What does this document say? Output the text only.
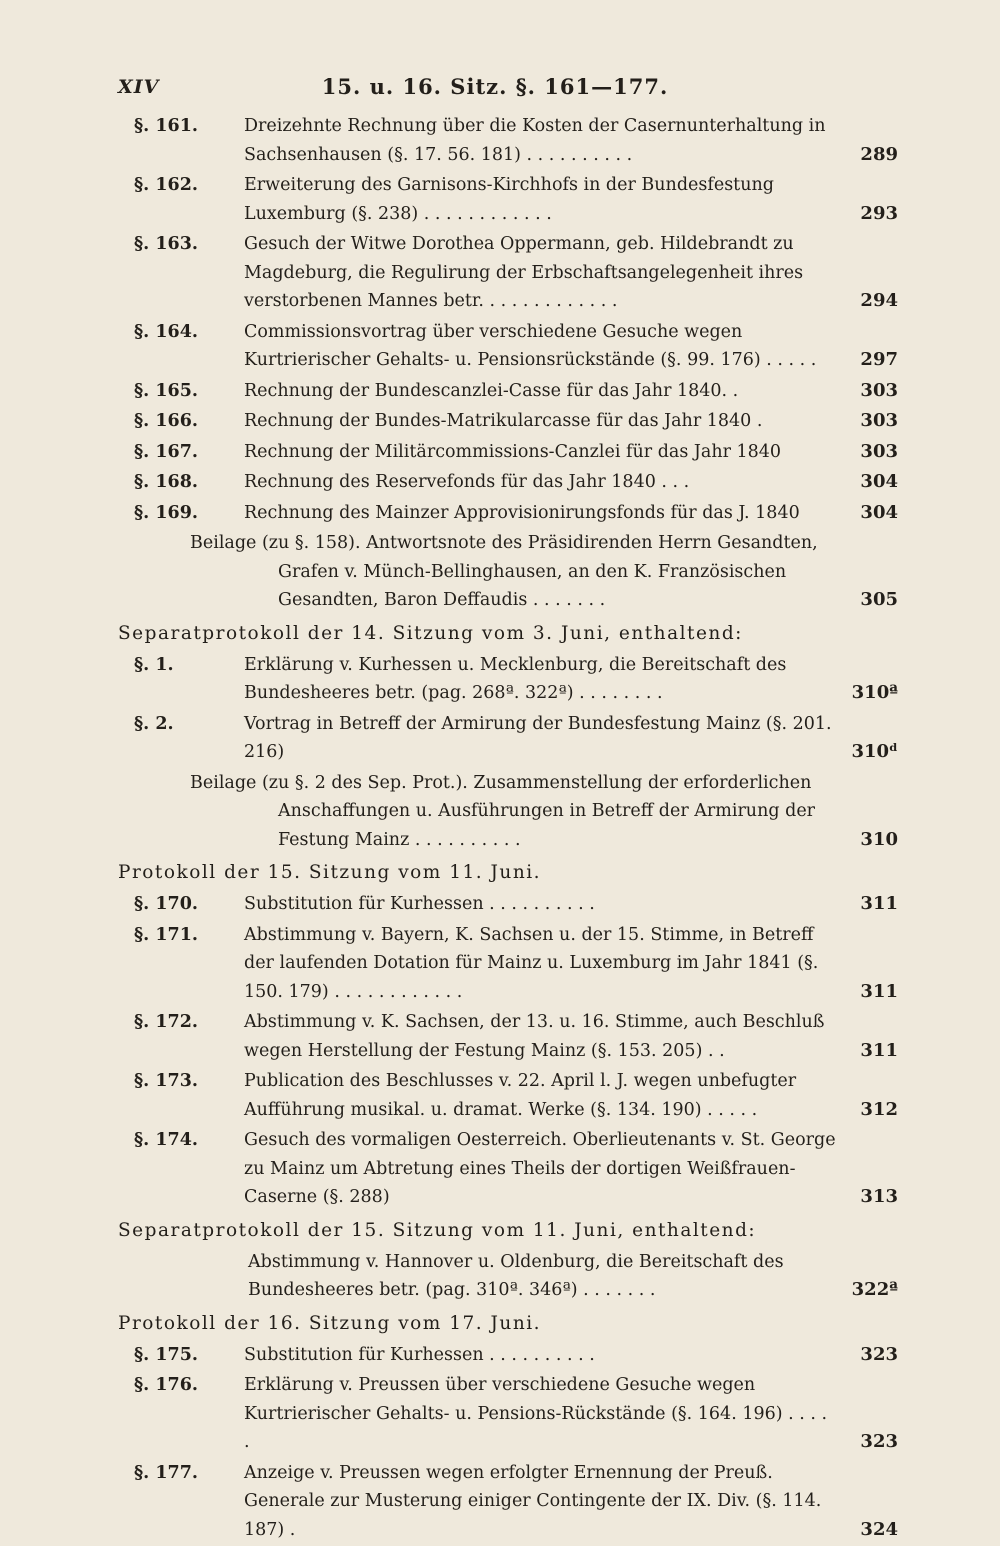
XIV	15. u. 16. Sitz. §. 161—177.
§. 161.	Dreizehnte Rechnung über die Kosten der Casernunterhaltung in Sachsenhausen (§. 17. 56. 181) . . . . . . . . . .	289
§. 162.	Erweiterung des Garnisons-Kirchhofs in der Bundesfestung Luxemburg (§. 238) . . . . . . . . . . . .	293
§. 163.	Gesuch der Witwe Dorothea Oppermann, geb. Hildebrandt zu Magdeburg, die Regulirung der Erbschaftsangelegenheit ihres verstorbenen Mannes betr. . . . . . . . . . . . .	294
§. 164.	Commissionsvortrag über verschiedene Gesuche wegen Kurtrierischer Gehalts- u. Pensionsrückstände (§. 99. 176) . . . . .	297
§. 165.	Rechnung der Bundescanzlei-Casse für das Jahr 1840. .	303
§. 166.	Rechnung der Bundes-Matrikularcasse für das Jahr 1840 .	303
§. 167.	Rechnung der Militärcommissions-Canzlei für das Jahr 1840	303
§. 168.	Rechnung des Reservefonds für das Jahr 1840 . . .	304
§. 169.	Rechnung des Mainzer Approvisionirungsfonds für das J. 1840	304
Beilage (zu §. 158). Antwortsnote des Präsidirenden Herrn Gesandten, Grafen v. Münch-Bellinghausen, an den K. Französischen Gesandten, Baron Deffaudis . . . . . . .	305
Separatprotokoll der 14. Sitzung vom 3. Juni, enthaltend:
§. 1.	Erklärung v. Kurhessen u. Mecklenburg, die Bereitschaft des Bundesheeres betr. (pag. 268ª. 322ª) . . . . . . . .	310ª
§. 2.	Vortrag in Betreff der Armirung der Bundesfestung Mainz (§. 201. 216)	310ᵈ
Beilage (zu §. 2 des Sep. Prot.). Zusammenstellung der erforderlichen Anschaffungen u. Ausführungen in Betreff der Armirung der Festung Mainz . . . . . . . . . .	310
Protokoll der 15. Sitzung vom 11. Juni.
§. 170.	Substitution für Kurhessen . . . . . . . . . .	311
§. 171.	Abstimmung v. Bayern, K. Sachsen u. der 15. Stimme, in Betreff der laufenden Dotation für Mainz u. Luxemburg im Jahr 1841 (§. 150. 179) . . . . . . . . . . . .	311
§. 172.	Abstimmung v. K. Sachsen, der 13. u. 16. Stimme, auch Beschluß wegen Herstellung der Festung Mainz (§. 153. 205) . .	311
§. 173.	Publication des Beschlusses v. 22. April l. J. wegen unbefugter Aufführung musikal. u. dramat. Werke (§. 134. 190) . . . . .	312
§. 174.	Gesuch des vormaligen Oesterreich. Oberlieutenants v. St. George zu Mainz um Abtretung eines Theils der dortigen Weißfrauen-Caserne (§. 288)	313
Separatprotokoll der 15. Sitzung vom 11. Juni, enthaltend:
Abstimmung v. Hannover u. Oldenburg, die Bereitschaft des Bundesheeres betr. (pag. 310ª. 346ª) . . . . . . .	322ª
Protokoll der 16. Sitzung vom 17. Juni.
§. 175.	Substitution für Kurhessen . . . . . . . . . .	323
§. 176.	Erklärung v. Preussen über verschiedene Gesuche wegen Kurtrierischer Gehalts- u. Pensions-Rückstände (§. 164. 196) . . . . .	323
§. 177.	Anzeige v. Preussen wegen erfolgter Ernennung der Preuß. Generale zur Musterung einiger Contingente der IX. Div. (§. 114. 187) .	324
